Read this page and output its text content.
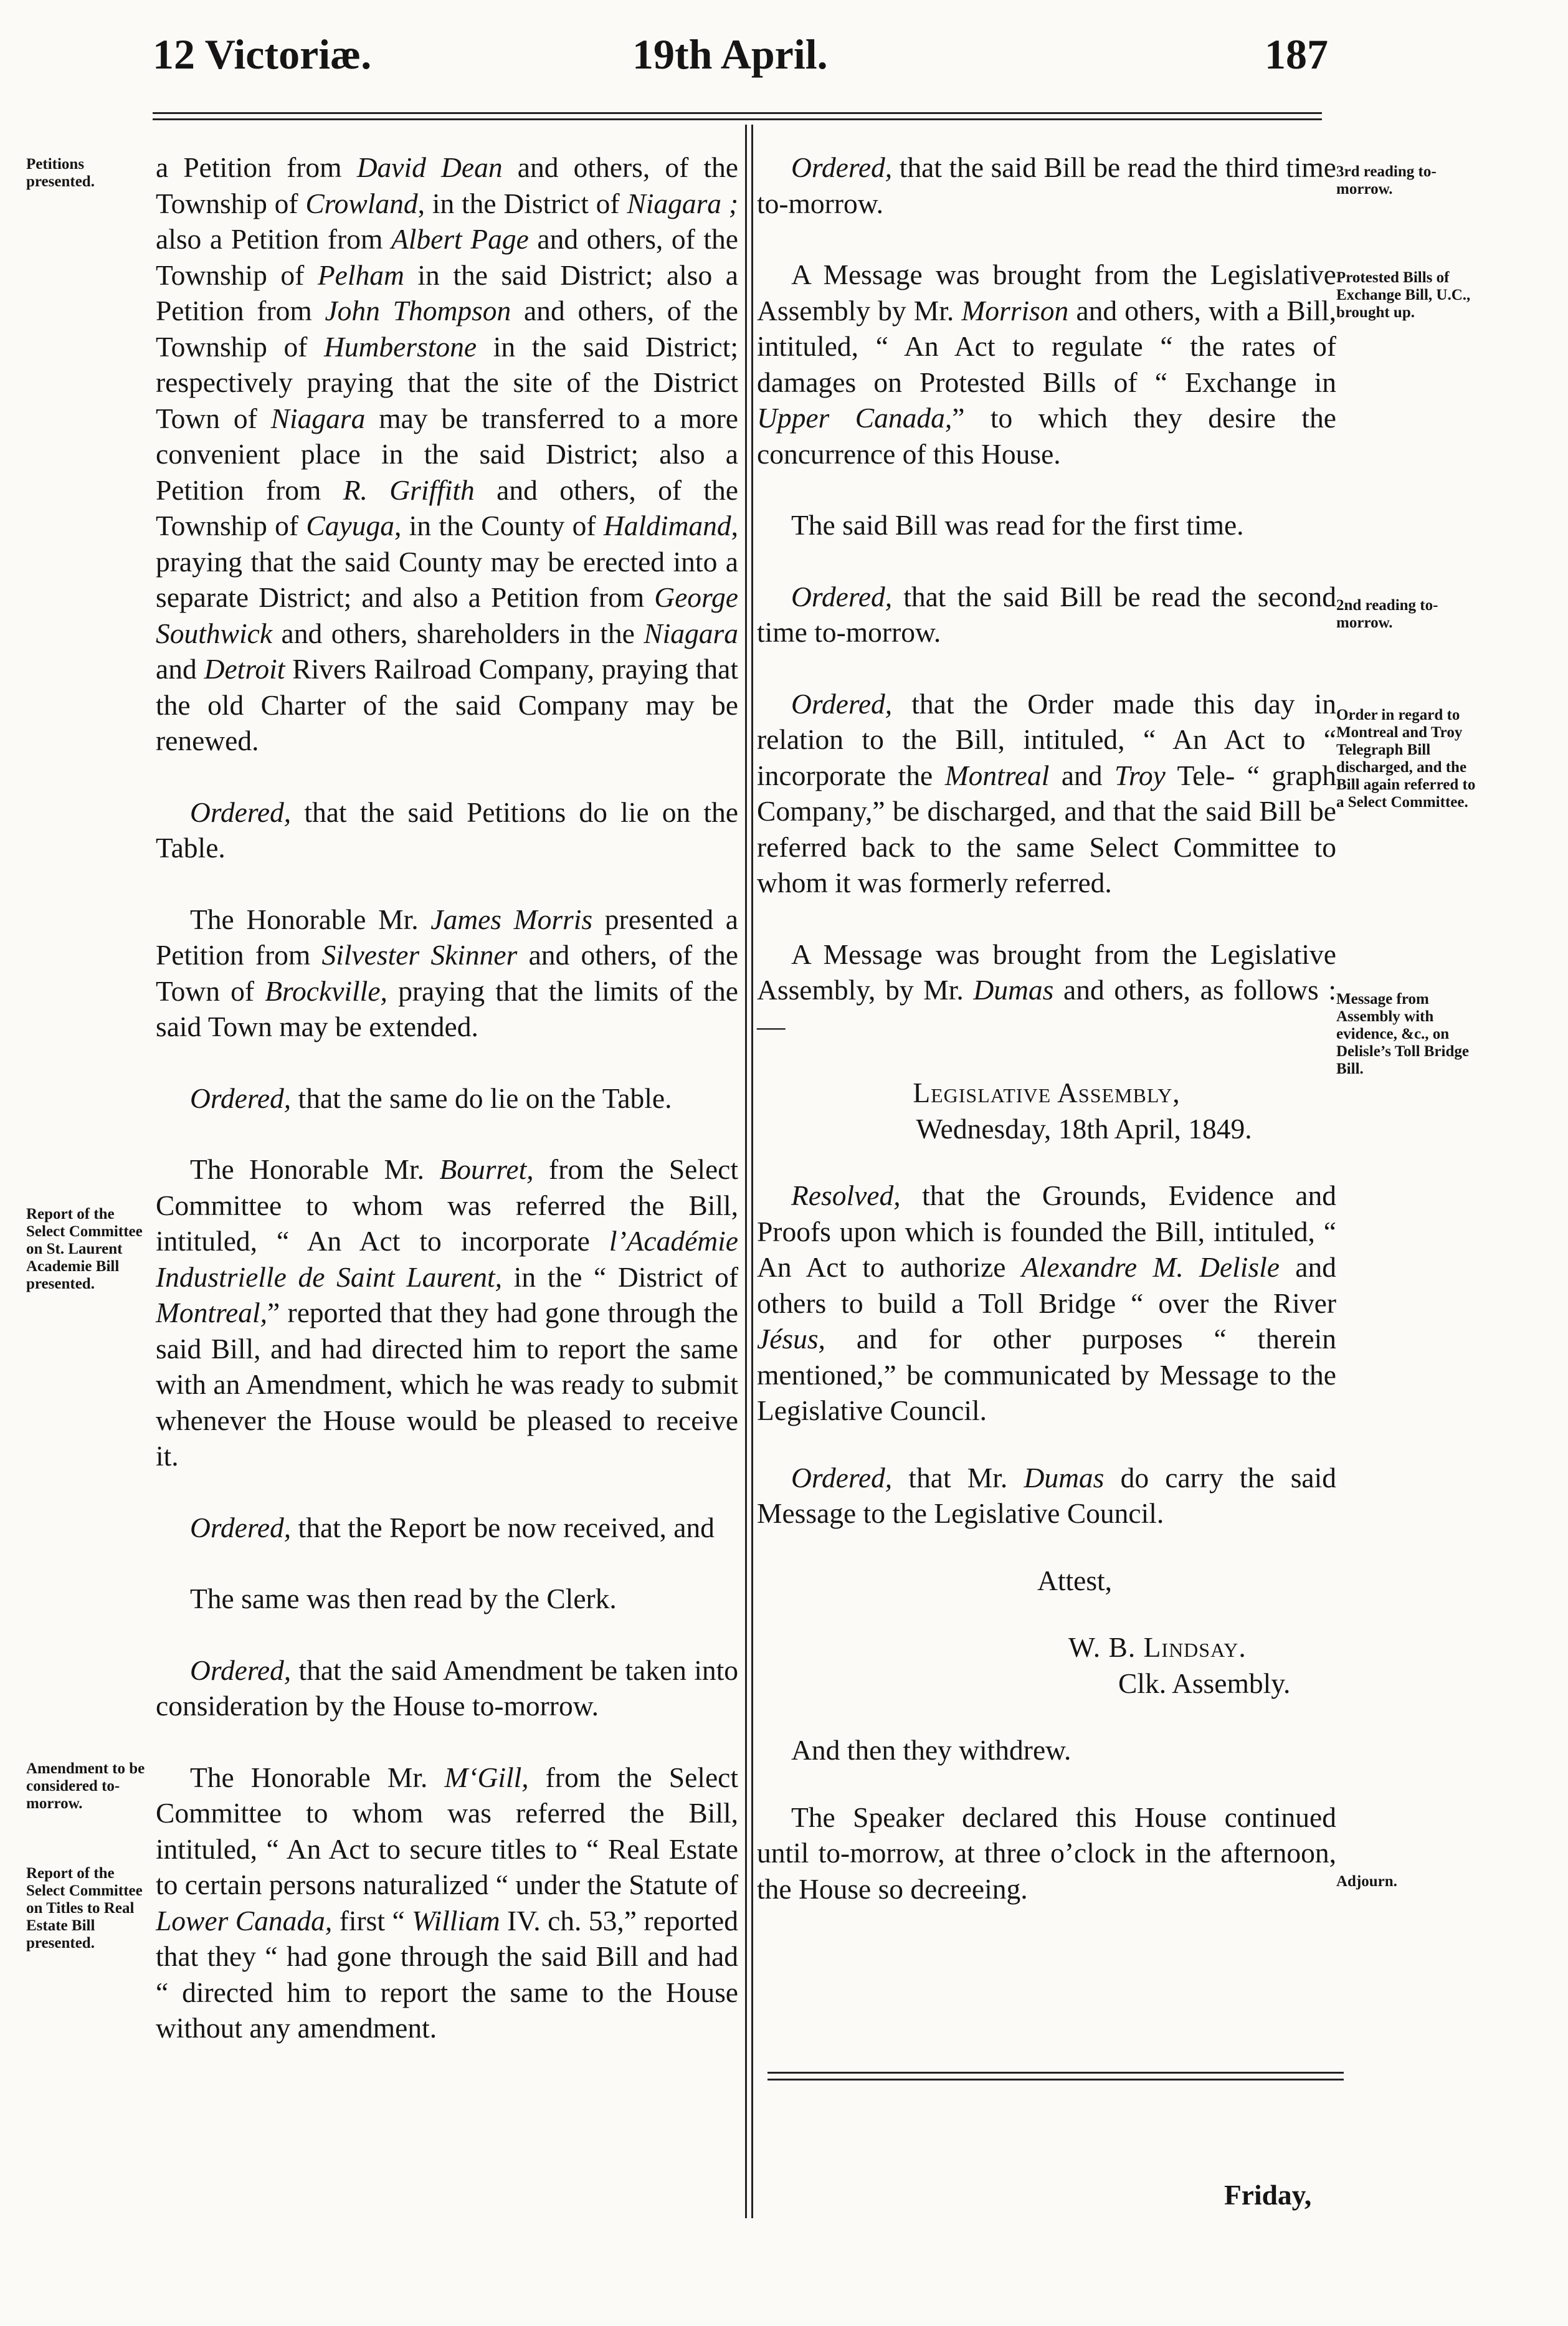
12 Victoriæ.	19th April.	187

a Petition from David Dean and others, of the Township of Crowland, in the District of Niagara ; also a Petition from Albert Page and others, of the Township of Pelham in the said District; also a Petition from John Thompson and others, of the Township of Humberstone in the said District; respectively praying that the site of the District Town of Niagara may be transferred to a more convenient place in the said District; also a Petition from R. Griffith and others, of the Township of Cayuga, in the County of Haldimand, praying that the said County may be erected into a separate District; and also a Petition from George Southwick and others, shareholders in the Niagara and Detroit Rivers Railroad Company, praying that the old Charter of the said Company may be renewed.

Ordered, that the said Petitions do lie on the Table.

The Honorable Mr. James Morris presented a Petition from Silvester Skinner and others, of the Town of Brockville, praying that the limits of the said Town may be extended.

Ordered, that the same do lie on the Table.

The Honorable Mr. Bourret, from the Select Committee to whom was referred the Bill, intituled, “ An Act to incorporate l’Académie Industrielle de Saint Laurent, in the “ District of Montreal,” reported that they had gone through the said Bill, and had directed him to report the same with an Amendment, which he was ready to submit whenever the House would be pleased to receive it.

Ordered, that the Report be now received, and

The same was then read by the Clerk.

Ordered, that the said Amendment be taken into consideration by the House to-morrow.

The Honorable Mr. M‘Gill, from the Select Committee to whom was referred the Bill, intituled, “ An Act to secure titles to “ Real Estate to certain persons naturalized “ under the Statute of Lower Canada, first “ William IV. ch. 53,” reported that they “ had gone through the said Bill and had “ directed him to report the same to the House without any amendment.

Ordered, that the said Bill be read the third time to-morrow.

A Message was brought from the Legislative Assembly by Mr. Morrison and others, with a Bill, intituled, “ An Act to regulate “ the rates of damages on Protested Bills of “ Exchange in Upper Canada,” to which they desire the concurrence of this House.

The said Bill was read for the first time.

Ordered, that the said Bill be read the second time to-morrow.

Ordered, that the Order made this day in relation to the Bill, intituled, “ An Act to “ incorporate the Montreal and Troy Tele- “ graph Company,” be discharged, and that the said Bill be referred back to the same Select Committee to whom it was formerly referred.

A Message was brought from the Legislative Assembly, by Mr. Dumas and others, as follows :—

Legislative Assembly,

Wednesday, 18th April, 1849.

Resolved, that the Grounds, Evidence and Proofs upon which is founded the Bill, intituled, “ An Act to authorize Alexandre M. Delisle and others to build a Toll Bridge “ over the River Jésus, and for other purposes “ therein mentioned,” be communicated by Message to the Legislative Council.

Ordered, that Mr. Dumas do carry the said Message to the Legislative Council.

Attest,

W. B. Lindsay.

Clk. Assembly.

And then they withdrew.

The Speaker declared this House continued until to-morrow, at three o’clock in the afternoon, the House so decreeing.

Petitions presented.
Report of the Select Committee on St. Laurent Academie Bill presented.
Amendment to be considered to-morrow.
Report of the Select Committee on Titles to Real Estate Bill presented.
3rd reading to-morrow.
Protested Bills of Exchange Bill, U.C., brought up.
2nd reading to-morrow.
Order in regard to Montreal and Troy Telegraph Bill discharged, and the Bill again referred to a Select Committee.
Message from Assembly with evidence, &c., on Delisle’s Toll Bridge Bill.
Adjourn.
Friday,
